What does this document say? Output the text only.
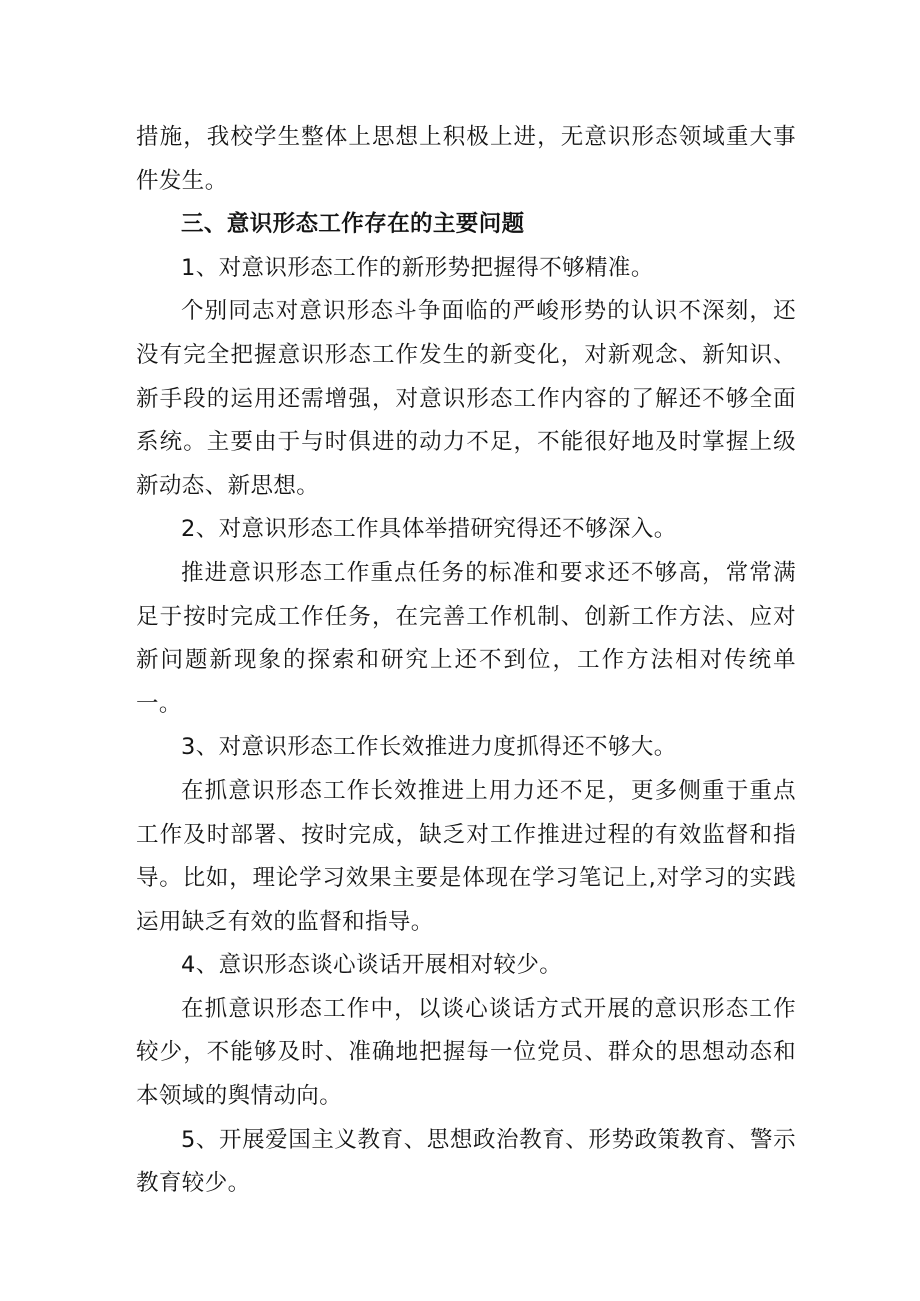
措施，我校学生整体上思想上积极上进，无意识形态领域重大事件发生。

三、意识形态工作存在的主要问题

1、对意识形态工作的新形势把握得不够精准。

个别同志对意识形态斗争面临的严峻形势的认识不深刻，还没有完全把握意识形态工作发生的新变化，对新观念、新知识、新手段的运用还需增强，对意识形态工作内容的了解还不够全面系统。主要由于与时俱进的动力不足，不能很好地及时掌握上级新动态、新思想。

2、对意识形态工作具体举措研究得还不够深入。

推进意识形态工作重点任务的标准和要求还不够高，常常满足于按时完成工作任务，在完善工作机制、创新工作方法、应对新问题新现象的探索和研究上还不到位，工作方法相对传统单一。

3、对意识形态工作长效推进力度抓得还不够大。

在抓意识形态工作长效推进上用力还不足，更多侧重于重点工作及时部署、按时完成，缺乏对工作推进过程的有效监督和指导。比如，理论学习效果主要是体现在学习笔记上,对学习的实践运用缺乏有效的监督和指导。

4、意识形态谈心谈话开展相对较少。

在抓意识形态工作中，以谈心谈话方式开展的意识形态工作较少，不能够及时、准确地把握每一位党员、群众的思想动态和本领域的舆情动向。

5、开展爱国主义教育、思想政治教育、形势政策教育、警示教育较少。
